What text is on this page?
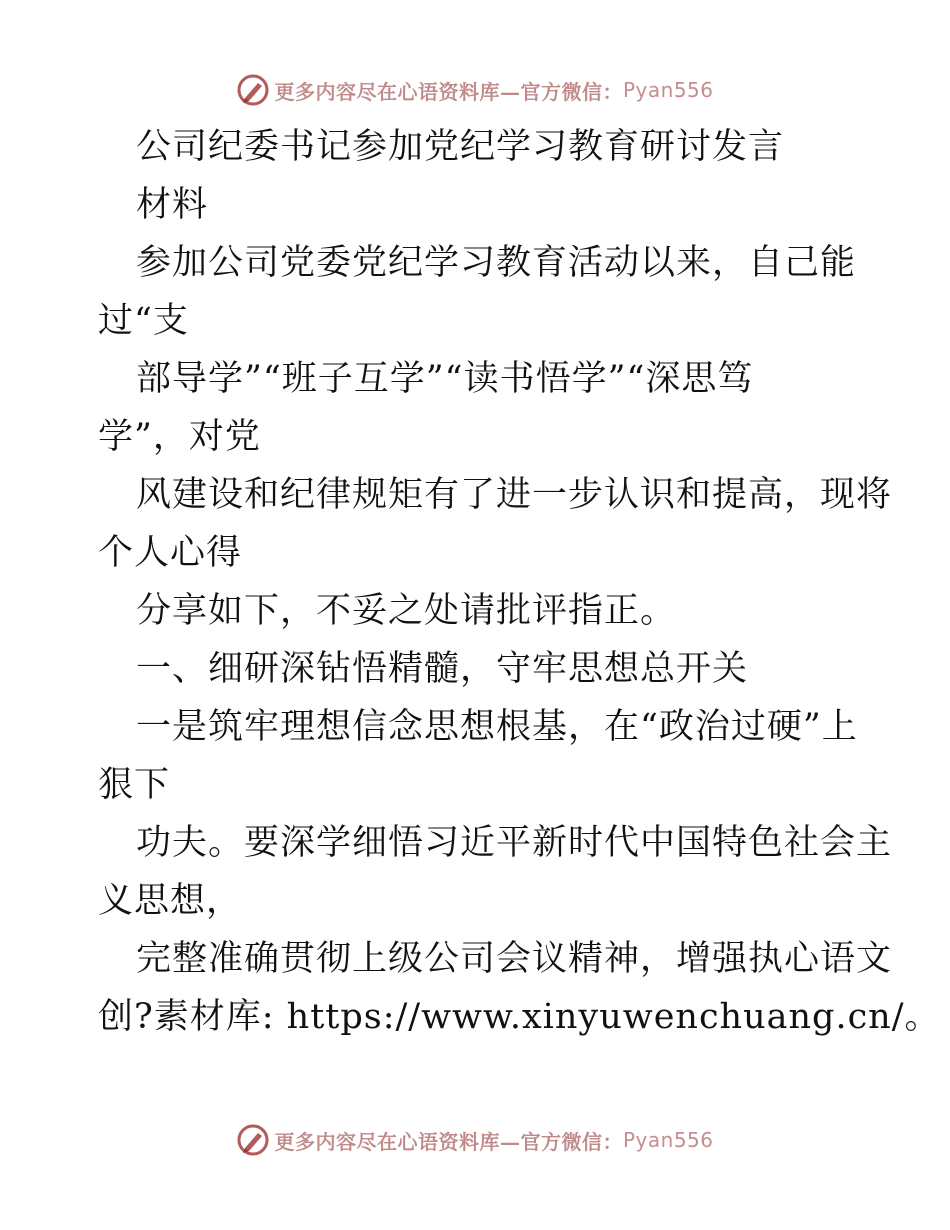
更多内容尽在心语资料库—官方微信： Pyan556
公司纪委书记参加党纪学习教育研讨发言
材料
参加公司党委党纪学习教育活动以来，自己能
过“支
部导学”“班子互学”“读书悟学”“深思笃
学”，对党
风建设和纪律规矩有了进一步认识和提高，现将
个人心得
分享如下，不妥之处请批评指正。
一、细研深钻悟精髓，守牢思想总开关
一是筑牢理想信念思想根基，在“政治过硬”上
狠下
功夫。要深学细悟习近平新时代中国特色社会主
义思想，
完整准确贯彻上级公司会议精神，增强执心语文
创?素材库: https://www.xinyuwenchuang.cn/。
更多内容尽在心语资料库—官方微信： Pyan556
